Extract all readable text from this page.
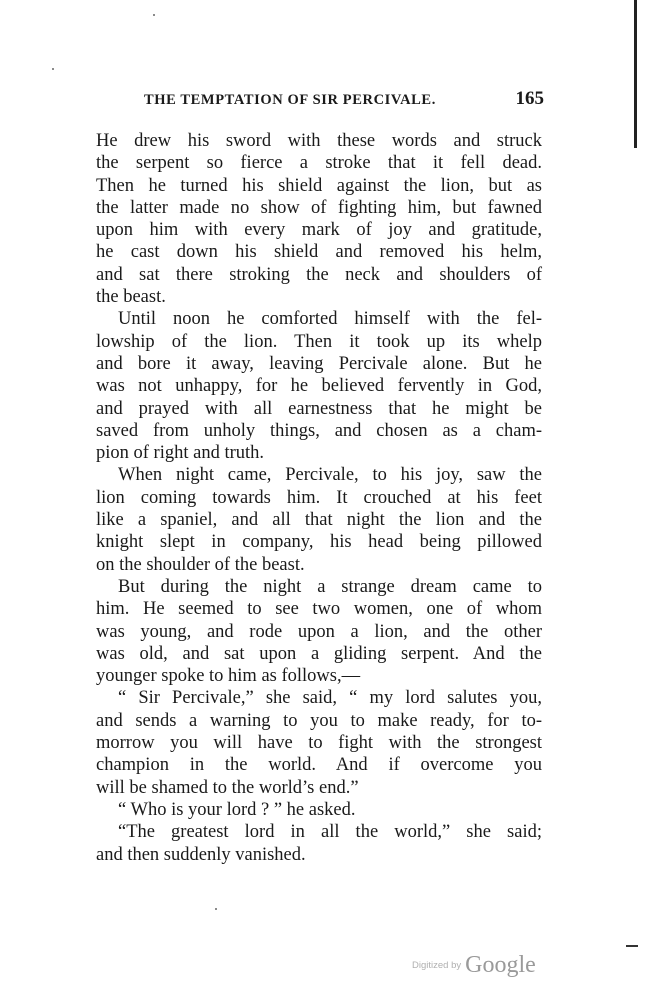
THE TEMPTATION OF SIR PERCIVALE.	165
He drew his sword with these words and struck
the serpent so fierce a stroke that it fell dead.
Then he turned his shield against the lion, but as
the latter made no show of fighting him, but fawned
upon him with every mark of joy and gratitude,
he cast down his shield and removed his helm,
and sat there stroking the neck and shoulders of
the beast.
Until noon he comforted himself with the fel-
lowship of the lion. Then it took up its whelp
and bore it away, leaving Percivale alone. But he
was not unhappy, for he believed fervently in God,
and prayed with all earnestness that he might be
saved from unholy things, and chosen as a cham-
pion of right and truth.
When night came, Percivale, to his joy, saw the
lion coming towards him. It crouched at his feet
like a spaniel, and all that night the lion and the
knight slept in company, his head being pillowed
on the shoulder of the beast.
But during the night a strange dream came to
him. He seemed to see two women, one of whom
was young, and rode upon a lion, and the other
was old, and sat upon a gliding serpent. And the
younger spoke to him as follows,—
“ Sir Percivale,” she said, “ my lord salutes you,
and sends a warning to you to make ready, for to-
morrow you will have to fight with the strongest
champion in the world. And if overcome you
will be shamed to the world’s end.”
“ Who is your lord ? ” he asked.
“The greatest lord in all the world,” she said;
and then suddenly vanished.
Digitized by Google
